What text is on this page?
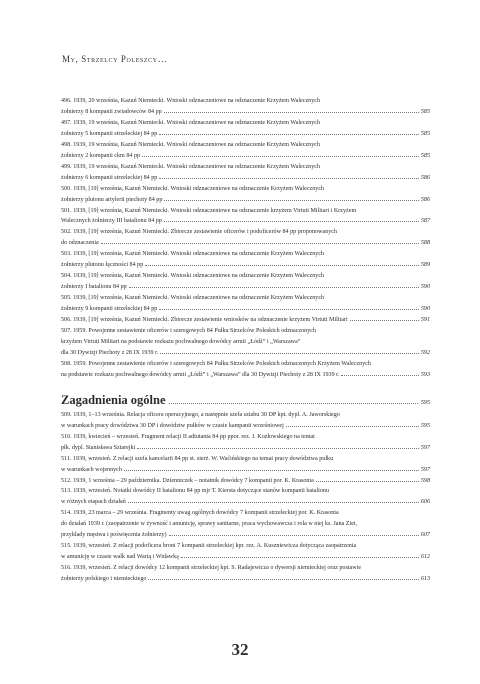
My, Strzelcy Poleszcy…
496. 1939, 20 września, Kazuń Niemiecki. Wnioski odznaczeniowe na odznaczenie Krzyżem Walecznych
żołnierzy 8 kompanii zwiadowców 84 pp	585
497. 1939, 19 września, Kazuń Niemiecki. Wnioski odznaczeniowe na odznaczenie Krzyżem Walecznych
żołnierzy 5 kompanii strzeleckiej 84 pp	585
498. 1939, 19 września, Kazuń Niemiecki. Wnioski odznaczeniowe na odznaczenie Krzyżem Walecznych
żołnierzy 2 kompanii ckm 84 pp	585
499. 1939, 19 września, Kazuń Niemiecki. Wnioski odznaczeniowe na odznaczenie Krzyżem Walecznych
żołnierzy 6 kompanii strzeleckiej 84 pp	586
500. 1939, [19] września, Kazuń Niemiecki. Wnioski odznaczeniowe na odznaczenie Krzyżem Walecznych
żołnierzy plutonu artylerii piechoty 84 pp	586
501. 1939, [19] września, Kazuń Niemiecki. Wnioski odznaczeniowe na odznaczenie krzyżem Virtuti Militari i Krzyżem
Walecznych żołnierzy III batalionu 84 pp	587
502. 1939, [19] września, Kazuń Niemiecki. Zbiorcze zestawienie oficerów i podoficerów 84 pp proponowanych
do odznaczenia	588
503. 1939, [19] września, Kazuń Niemiecki. Wnioski odznaczeniowe na odznaczenie Krzyżem Walecznych
żołnierzy plutonu łączności 84 pp	589
504. 1939, [19] września, Kazuń Niemiecki. Wnioski odznaczeniowe na odznaczenie Krzyżem Walecznych
żołnierzy I batalionu 84 pp	590
505. 1939, [19] września, Kazuń Niemiecki. Wnioski odznaczeniowe na odznaczenie Krzyżem Walecznych
żołnierzy 9 kompanii strzeleckiej 84 pp	590
506. 1939, [19] września, Kazuń Niemiecki. Zbiorcze zestawienie wniosków na odznaczenie krzyżem Virtuti Militari	591
507. 1959. Powojenne zestawienie oficerów i szeregowych 84 Pułku Strzelców Poleskich odznaczonych
krzyżem Virtuti Militari na podstawie rozkazu pochwalnego dowódcy armii „Łódź” i „Warszawa”
dla 30 Dywizji Piechoty z 28 IX 1939 r.	592
508. 1959. Powojenne zestawienie oficerów i szeregowych 84 Pułku Strzelców Poleskich odznaczonych Krzyżem Walecznych
na podstawie rozkazu pochwalnego dowódcy armii „Łódź” i „Warszawa” dla 30 Dywizji Piechoty z 28 IX 1939 r.	593
Zagadnienia ogólne	595
509. 1939, 1–13 września. Relacja oficera operacyjnego, a następnie szefa sztabu 30 DP kpt. dypl. A. Jaworskiego
w warunkach pracy dowództwa 30 DP i dowództw pułków w czasie kampanii wrześniowej	595
510. 1939, kwiecień – wrzesień. Fragment relacji II adiutanta 84 pp ppor. rez. J. Kozłowskiego na temat
płk. dypl. Stanisława Sztarejki	597
511. 1939, wrzesień. Z relacji szefa kancelarii 84 pp st. sierż. W. Waćińskiego na temat pracy dowództwa pułku
w warunkach wojennych	597
512. 1939, 1 września – 29 października. Dzienniczek – notatnik dowódcy 7 kompanii por. K. Krasonia	598
513. 1939, wrzesień. Notatki dowódcy II batalionu 84 pp mjr T. Kiersta dotyczące stanów kompanii batalionu
w różnych etapach działań	606
514. 1939, 23 marca – 29 września. Fragmenty uwag ogólnych dowódcy 7 kompanii strzeleckiej por. K. Krasonia
do działań 1939 r. (zaopatrzenie w żywność i amunicję, sprawy sanitarne, praca wychowawcza i rola w niej ks. Jana Ziei,
przykłady męstwa i poświęcenia żołnierzy)	607
515. 1939, wrzesień. Z relacji podoficera broni 7 kompanii strzeleckiej kpr. rez. A. Kuszniewicza dotycząca zaopatrzenia
w amunicję w czasie walk nad Wartą i Widawką	612
516. 1939, wrzesień. Z relacji dowódcy 12 kompanii strzeleckiej kpt. S. Radajewicza o dywersji niemieckiej oraz postawie
żołnierzy polskiego i niemieckiego	613
32
